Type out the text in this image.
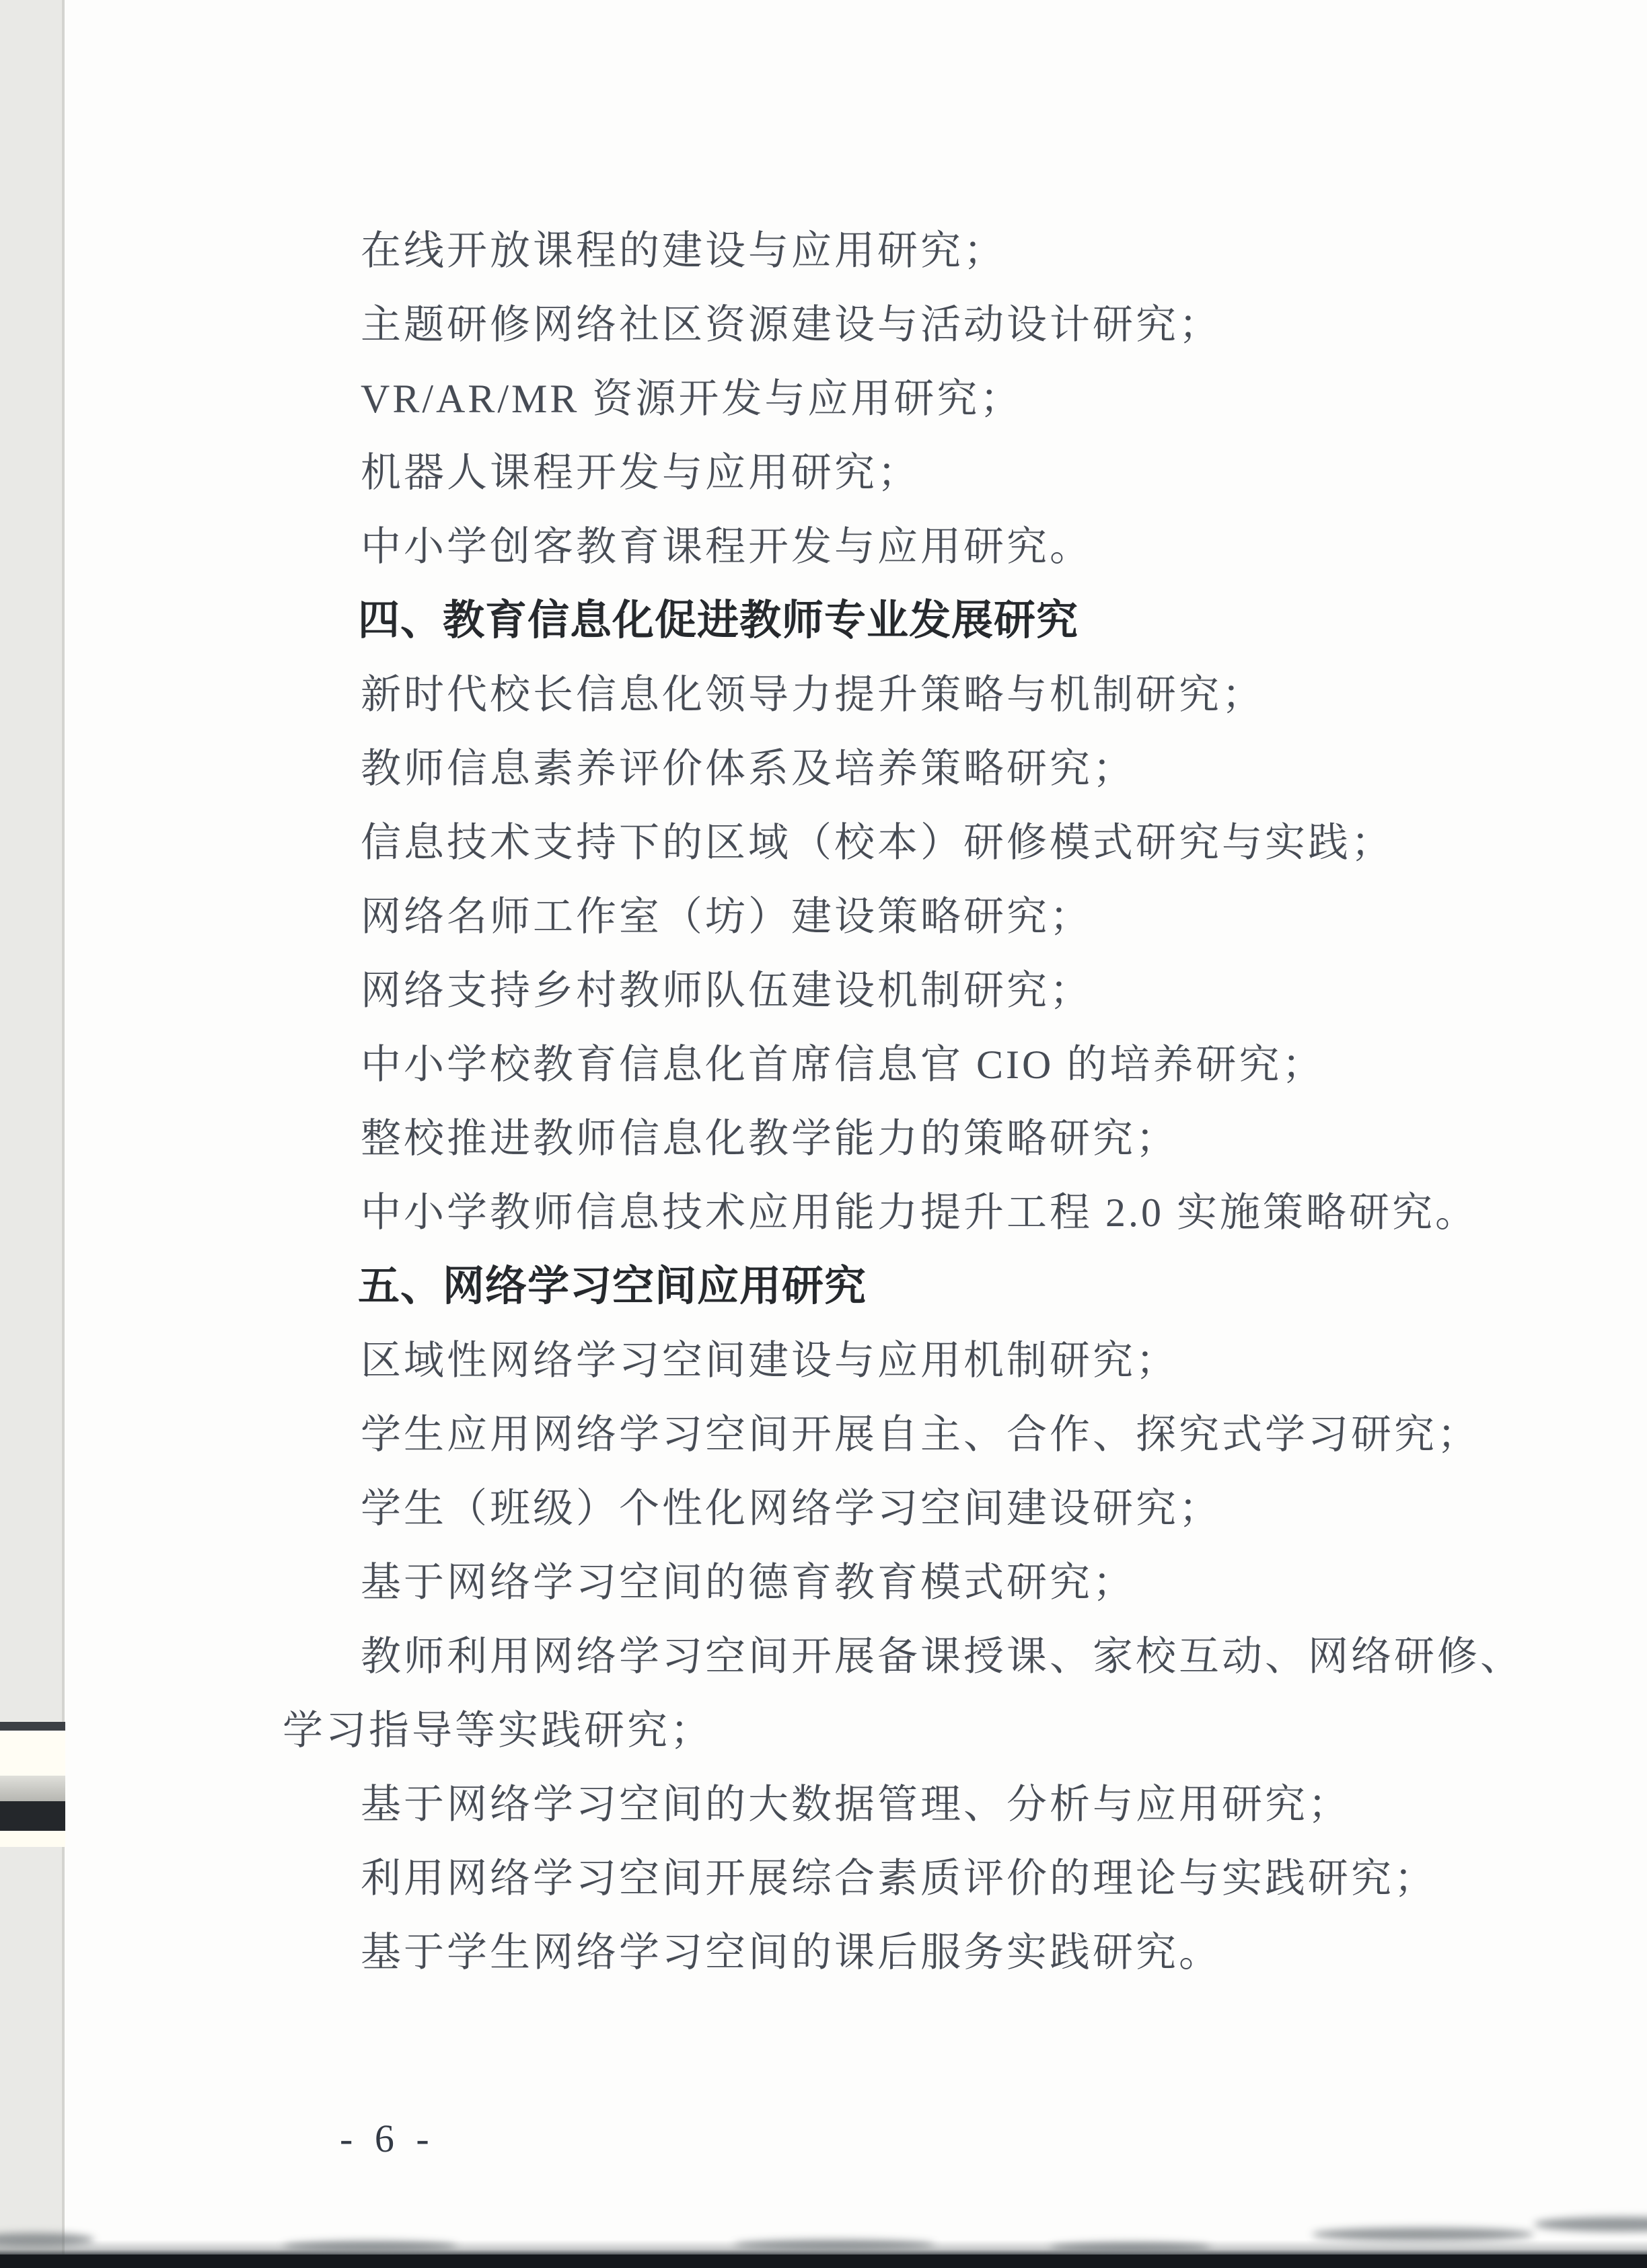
在线开放课程的建设与应用研究；

主题研修网络社区资源建设与活动设计研究；

VR/AR/MR 资源开发与应用研究；

机器人课程开发与应用研究；

中小学创客教育课程开发与应用研究。

四、教育信息化促进教师专业发展研究

新时代校长信息化领导力提升策略与机制研究；

教师信息素养评价体系及培养策略研究；

信息技术支持下的区域（校本）研修模式研究与实践；

网络名师工作室（坊）建设策略研究；

网络支持乡村教师队伍建设机制研究；

中小学校教育信息化首席信息官 CIO 的培养研究；

整校推进教师信息化教学能力的策略研究；

中小学教师信息技术应用能力提升工程 2.0 实施策略研究。

五、网络学习空间应用研究

区域性网络学习空间建设与应用机制研究；

学生应用网络学习空间开展自主、合作、探究式学习研究；

学生（班级）个性化网络学习空间建设研究；

基于网络学习空间的德育教育模式研究；

教师利用网络学习空间开展备课授课、家校互动、网络研修、学习指导等实践研究；

基于网络学习空间的大数据管理、分析与应用研究；

利用网络学习空间开展综合素质评价的理论与实践研究；

基于学生网络学习空间的课后服务实践研究。

- 6 -
